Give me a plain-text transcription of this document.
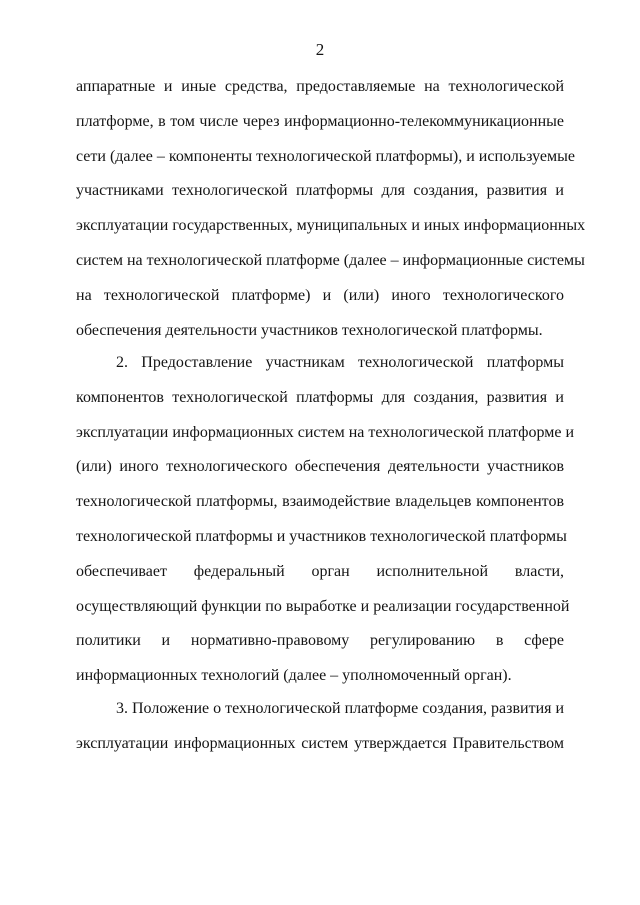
2
аппаратные и иные средства, предоставляемые на технологической
платформе, в том числе через информационно-телекоммуникационные
сети (далее – компоненты технологической платформы), и используемые
участниками технологической платформы для создания, развития и
эксплуатации государственных, муниципальных и иных информационных
систем на технологической платформе (далее – информационные системы
на технологической платформе) и (или) иного технологического
обеспечения деятельности участников технологической платформы.
2. Предоставление участникам технологической платформы
компонентов технологической платформы для создания, развития и
эксплуатации информационных систем на технологической платформе и
(или) иного технологического обеспечения деятельности участников
технологической платформы, взаимодействие владельцев компонентов
технологической платформы и участников технологической платформы
обеспечивает федеральный орган исполнительной власти,
осуществляющий функции по выработке и реализации государственной
политики и нормативно-правовому регулированию в сфере
информационных технологий (далее – уполномоченный орган).
3. Положение о технологической платформе создания, развития и
эксплуатации информационных систем утверждается Правительством
